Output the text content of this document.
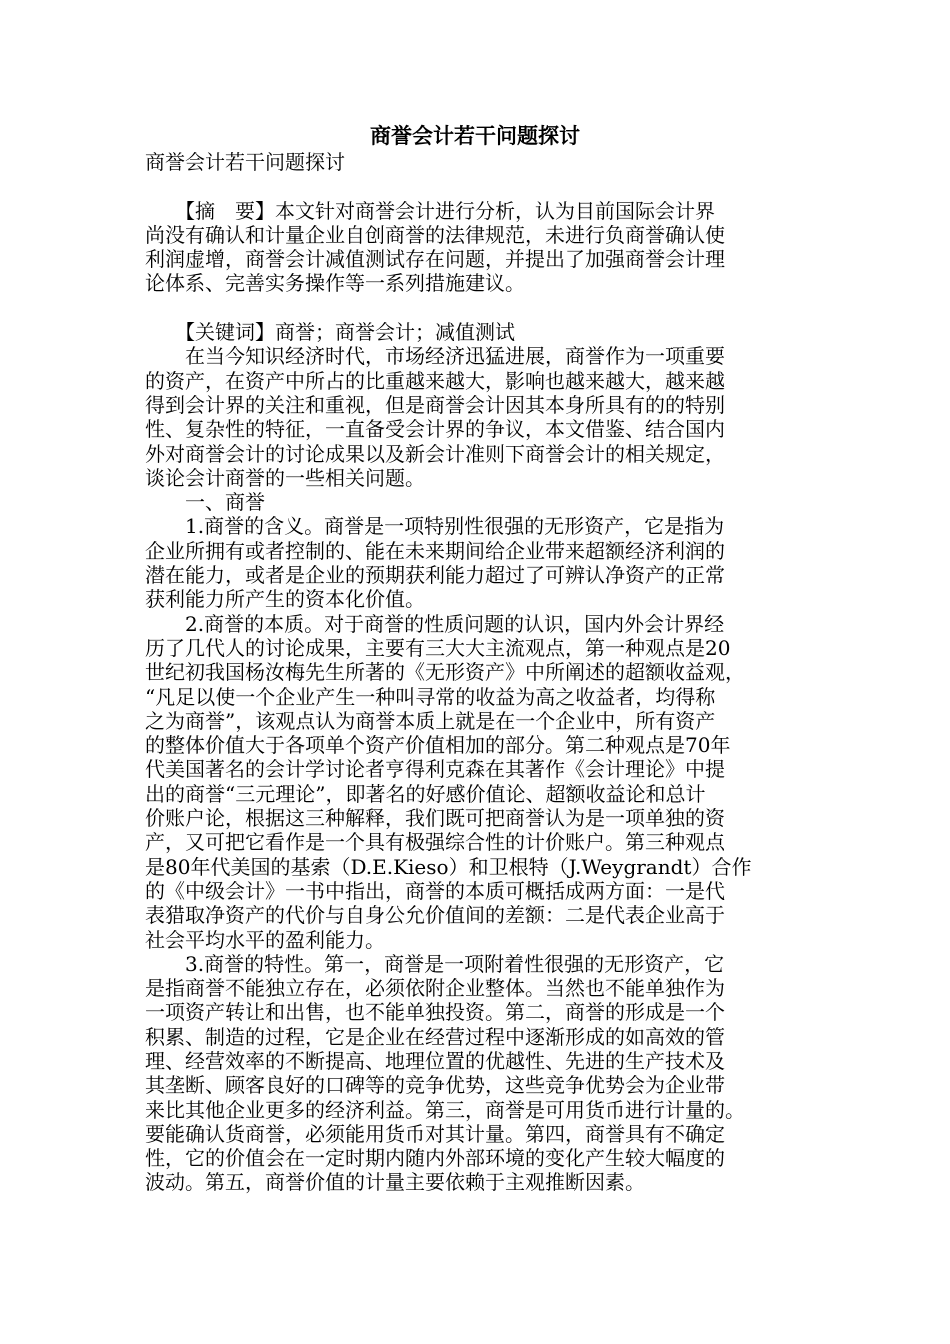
商誉会计若干问题探讨
商誉会计若干问题探讨
　　【摘　要】本文针对商誉会计进行分析，认为目前国际会计界
尚没有确认和计量企业自创商誉的法律规范，未进行负商誉确认使
利润虚增，商誉会计减值测试存在问题，并提出了加强商誉会计理
论体系、完善实务操作等一系列措施建议。
　　【关键词】商誉；商誉会计；减值测试
　　在当今知识经济时代，市场经济迅猛进展，商誉作为一项重要
的资产，在资产中所占的比重越来越大，影响也越来越大，越来越
得到会计界的关注和重视，但是商誉会计因其本身所具有的的特别
性、复杂性的特征，一直备受会计界的争议，本文借鉴、结合国内
外对商誉会计的讨论成果以及新会计准则下商誉会计的相关规定，
谈论会计商誉的一些相关问题。
　　一、商誉
　　1.商誉的含义。商誉是一项特别性很强的无形资产，它是指为
企业所拥有或者控制的、能在未来期间给企业带来超额经济利润的
潜在能力，或者是企业的预期获利能力超过了可辨认净资产的正常
获利能力所产生的资本化价值。
　　2.商誉的本质。对于商誉的性质问题的认识，国内外会计界经
历了几代人的讨论成果，主要有三大大主流观点，第一种观点是20
世纪初我国杨汝梅先生所著的《无形资产》中所阐述的超额收益观，
“凡足以使一个企业产生一种叫寻常的收益为高之收益者，均得称
之为商誉”，该观点认为商誉本质上就是在一个企业中，所有资产
的整体价值大于各项单个资产价值相加的部分。第二种观点是70年
代美国著名的会计学讨论者亨得利克森在其著作《会计理论》中提
出的商誉“三元理论”，即著名的好感价值论、超额收益论和总计
价账户论，根据这三种解释，我们既可把商誉认为是一项单独的资
产，又可把它看作是一个具有极强综合性的计价账户。第三种观点
是80年代美国的基索（D.E.Kieso）和卫根特（J.Weygrandt）合作
的《中级会计》一书中指出，商誉的本质可概括成两方面：一是代
表猎取净资产的代价与自身公允价值间的差额：二是代表企业高于
社会平均水平的盈利能力。
　　3.商誉的特性。第一，商誉是一项附着性很强的无形资产，它
是指商誉不能独立存在，必须依附企业整体。当然也不能单独作为
一项资产转让和出售，也不能单独投资。第二，商誉的形成是一个
积累、制造的过程，它是企业在经营过程中逐渐形成的如高效的管
理、经营效率的不断提高、地理位置的优越性、先进的生产技术及
其垄断、顾客良好的口碑等的竞争优势，这些竞争优势会为企业带
来比其他企业更多的经济利益。第三，商誉是可用货币进行计量的。
要能确认货商誉，必须能用货币对其计量。第四，商誉具有不确定
性，它的价值会在一定时期内随内外部环境的变化产生较大幅度的
波动。第五，商誉价值的计量主要依赖于主观推断因素。
